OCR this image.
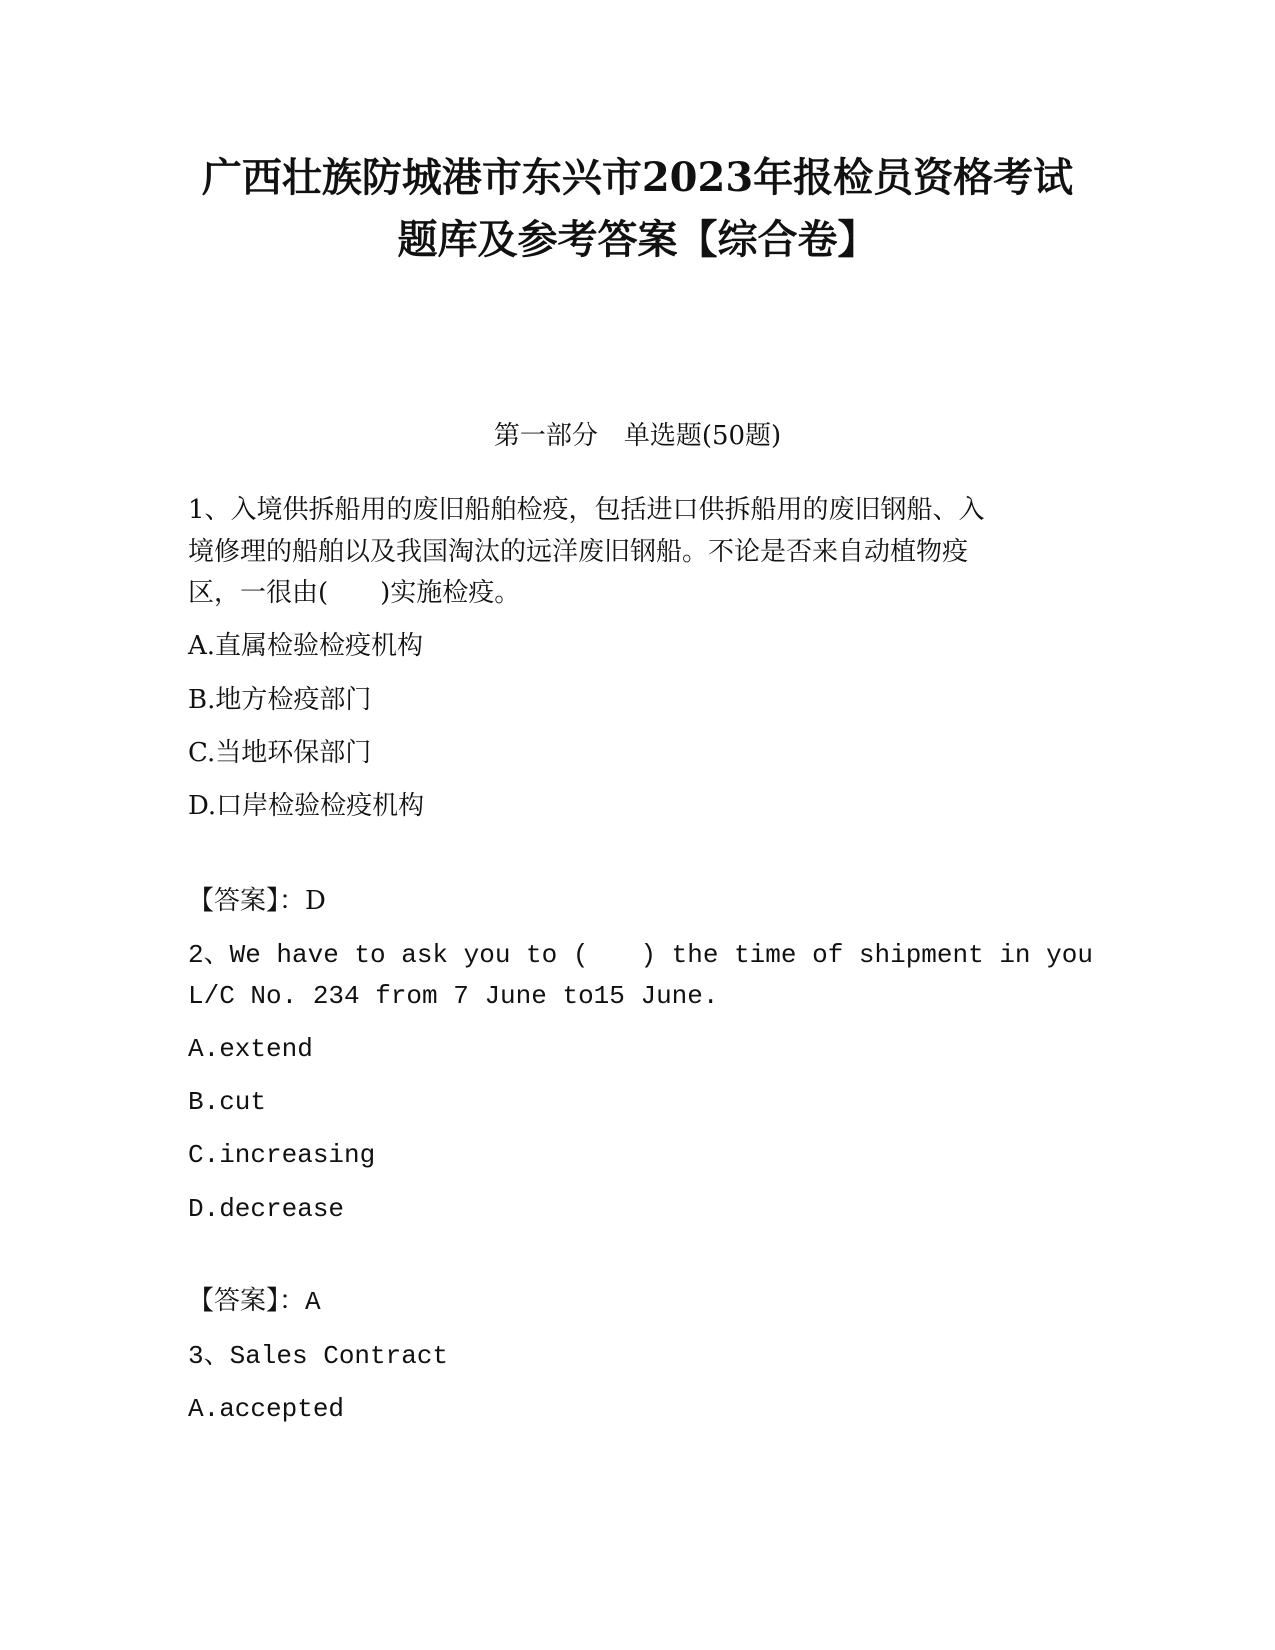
广西壮族防城港市东兴市2023年报检员资格考试
题库及参考答案【综合卷】

第一部分　单选题(50题)

1、入境供拆船用的废旧船舶检疫，包括进口供拆船用的废旧钢船、入

境修理的船舶以及我国淘汰的远洋废旧钢船。不论是否来自动植物疫

区，一很由(　　)实施检疫。

A.直属检验检疫机构

B.地方检疫部门

C.当地环保部门

D.口岸检验检疫机构

【答案】：D

2、We have to ask you to (　　) the time of shipment in you

L/C No. 234 from 7 June to15 June.

A.extend

B.cut

C.increasing

D.decrease

【答案】：A

3、Sales Contract

A.accepted
